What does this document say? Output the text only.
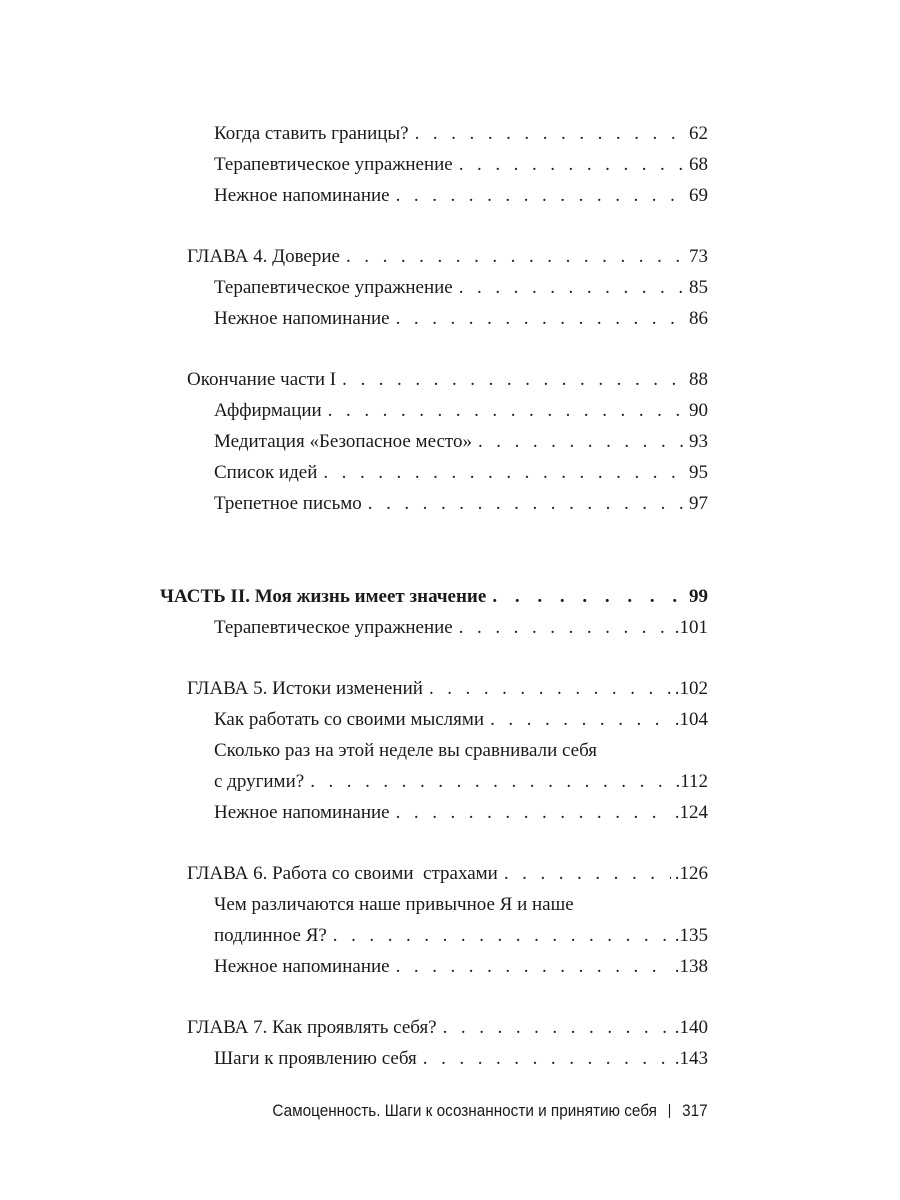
Когда ставить границы? . . .	62
Терапевтическое упражнение . . .	68
Нежное напоминание . . .	69
ГЛАВА 4. Доверие . . .	73
Терапевтическое упражнение . . .	85
Нежное напоминание . . .	86
Окончание части I . . .	88
Аффирмации . . .	90
Медитация «Безопасное место» . . .	93
Список идей . . .	95
Трепетное письмо . . .	97
ЧАСТЬ II. Моя жизнь имеет значение . . .	99
Терапевтическое упражнение . . .	.101
ГЛАВА 5. Истоки изменений . . .	.102
Как работать со своими мыслями . . .	.104
Сколько раз на этой неделе вы сравнивали себя
с другими? . . .	.112
Нежное напоминание . . .	.124
ГЛАВА 6. Работа со своими  страхами . . .	.126
Чем различаются наше привычное Я и наше
подлинное Я? . . .	.135
Нежное напоминание . . .	.138
ГЛАВА 7. Как проявлять себя? . . .	.140
Шаги к проявлению себя . . .	.143
Самоценность. Шаги к осознанности и принятию себя | 317
